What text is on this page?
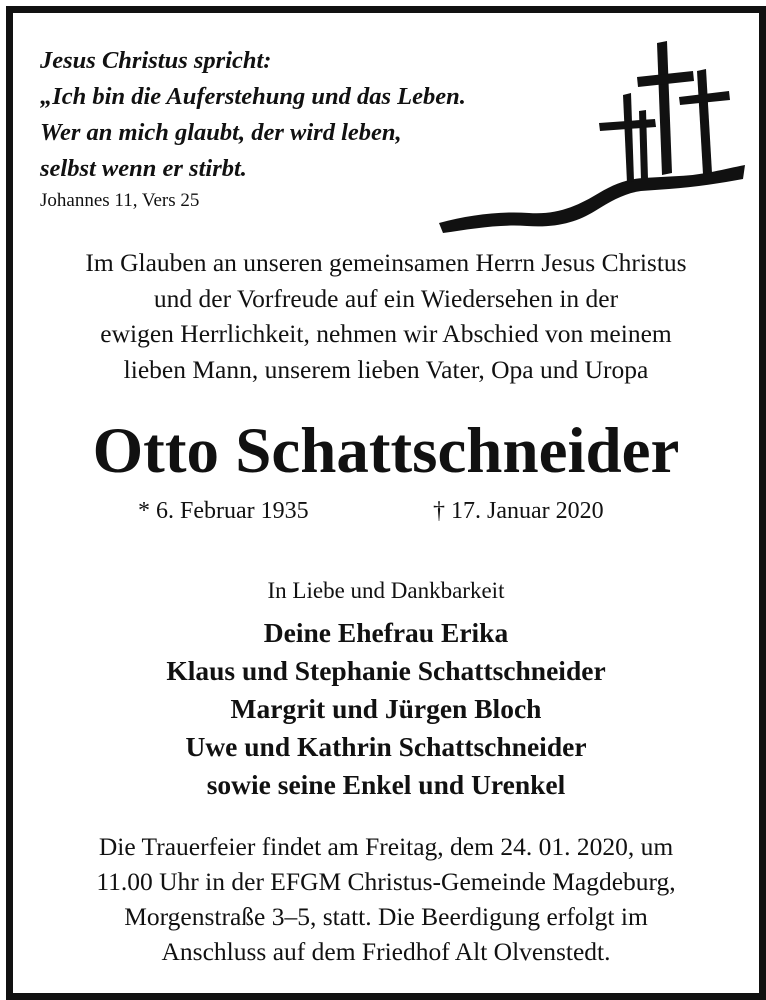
Jesus Christus spricht:
„Ich bin die Auferstehung und das Leben.
Wer an mich glaubt, der wird leben,
selbst wenn er stirbt.
Johannes 11, Vers 25
Im Glauben an unseren gemeinsamen Herrn Jesus Christus
und der Vorfreude auf ein Wiedersehen in der
ewigen Herrlichkeit, nehmen wir Abschied von meinem
lieben Mann, unserem lieben Vater, Opa und Uropa
Otto Schattschneider
* 6. Februar 1935	† 17. Januar 2020
In Liebe und Dankbarkeit
Deine Ehefrau Erika
Klaus und Stephanie Schattschneider
Margrit und Jürgen Bloch
Uwe und Kathrin Schattschneider
sowie seine Enkel und Urenkel
Die Trauerfeier findet am Freitag, dem 24. 01. 2020, um
11.00 Uhr in der EFGM Christus-Gemeinde Magdeburg,
Morgenstraße 3–5, statt. Die Beerdigung erfolgt im
Anschluss auf dem Friedhof Alt Olvenstedt.
